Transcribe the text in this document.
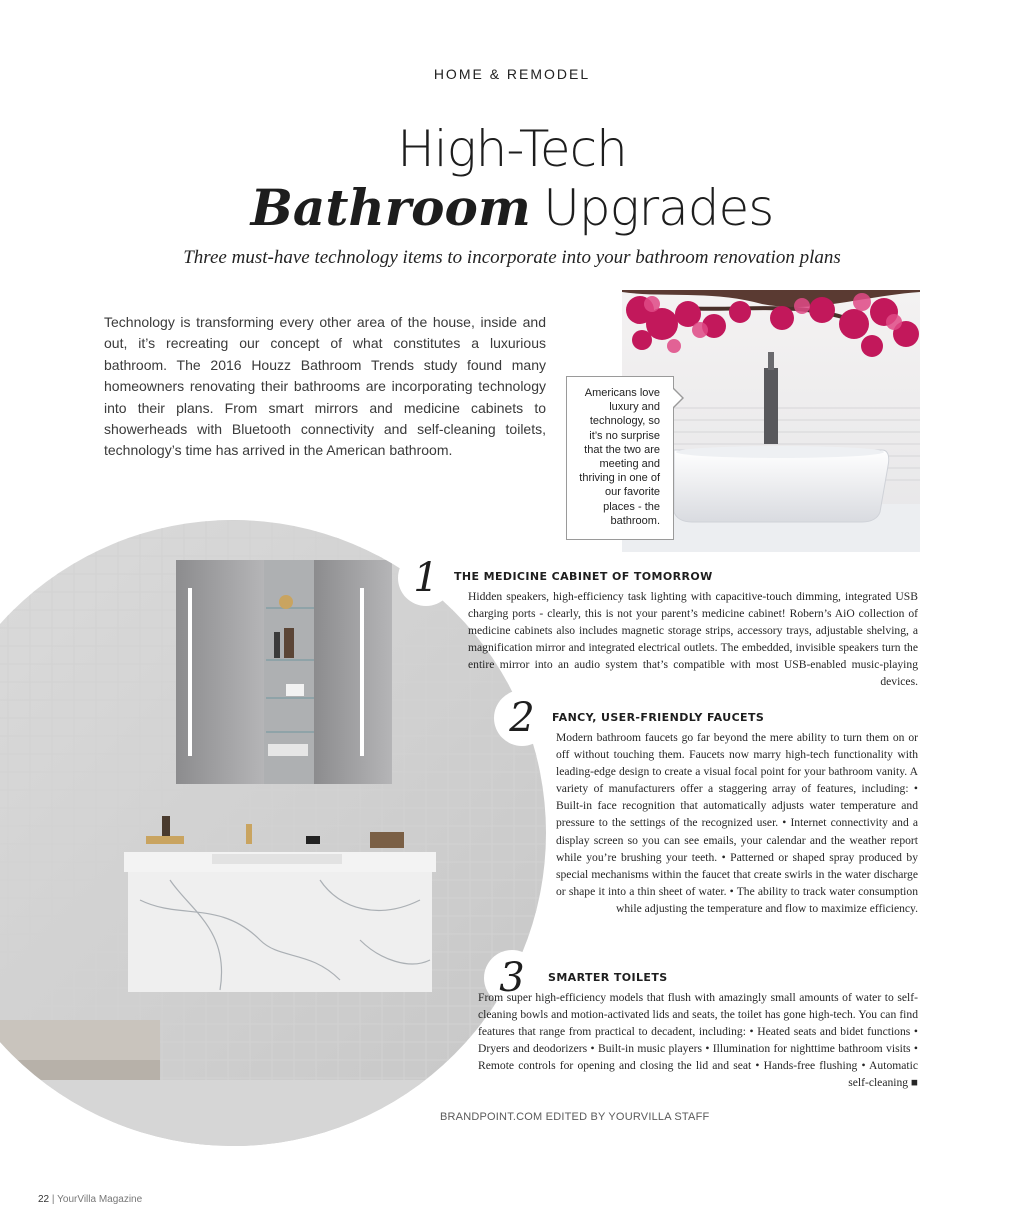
HOME & REMODEL
High-Tech
Bathroom Upgrades
Three must-have technology items to incorporate into your bathroom renovation plans
Technology is transforming every other area of the house, inside and out, it’s recreating our concept of what constitutes a luxurious bathroom. The 2016 Houzz Bathroom Trends study found many homeowners renovating their bathrooms are incorporating technology into their plans. From smart mirrors and medicine cabinets to showerheads with Bluetooth connectivity and self-cleaning toilets, technology’s time has arrived in the American bathroom.
Americans love luxury and technology, so it’s no surprise that the two are meeting and thriving in one of our favorite places - the bathroom.
1	THE MEDICINE CABINET OF TOMORROW
Hidden speakers, high-efficiency task lighting with capacitive-touch dimming, integrated USB charging ports - clearly, this is not your parent’s medicine cabinet! Robern’s AiO collection of medicine cabinets also includes magnetic storage strips, accessory trays, adjustable shelving, a magnification mirror and integrated electrical outlets. The embedded, invisible speakers turn the entire mirror into an audio system that’s compatible with most USB-enabled music-playing devices.
2	FANCY, USER-FRIENDLY FAUCETS
Modern bathroom faucets go far beyond the mere ability to turn them on or off without touching them. Faucets now marry high-tech functionality with leading-edge design to create a visual focal point for your bathroom vanity. A variety of manufacturers offer a staggering array of features, including: • Built-in face recognition that automatically adjusts water temperature and pressure to the settings of the recognized user. • Internet connectivity and a display screen so you can see emails, your calendar and the weather report while you’re brushing your teeth. • Patterned or shaped spray produced by special mechanisms within the faucet that create swirls in the water discharge or shape it into a thin sheet of water. • The ability to track water consumption while adjusting the temperature and flow to maximize efficiency.
3	SMARTER TOILETS
From super high-efficiency models that flush with amazingly small amounts of water to self-cleaning bowls and motion-activated lids and seats, the toilet has gone high-tech. You can find features that range from practical to decadent, including: • Heated seats and bidet functions • Dryers and deodorizers • Built-in music players • Illumination for nighttime bathroom visits • Remote controls for opening and closing the lid and seat • Hands-free flushing • Automatic self-cleaning ■
BRANDPOINT.COM EDITED BY YOURVILLA STAFF
22 | YourVilla Magazine
